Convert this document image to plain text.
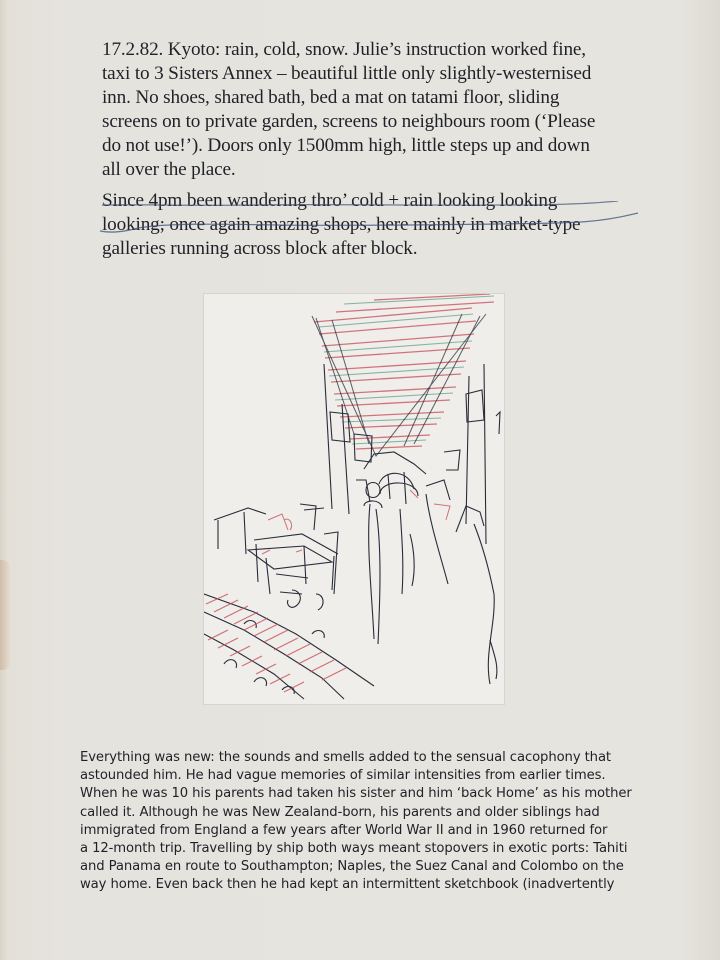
17.2.82. Kyoto: rain, cold, snow. Julie’s instruction worked fine,
taxi to 3 Sisters Annex – beautiful little only slightly-westernised
inn. No shoes, shared bath, bed a mat on tatami floor, sliding
screens on to private garden, screens to neighbours room (‘Please
do not use!’). Doors only 1500mm high, little steps up and down
all over the place.

Since 4pm been wandering thro’ cold + rain looking looking
looking; once again amazing shops, here mainly in market-type
galleries running across block after block.

Everything was new: the sounds and smells added to the sensual cacophony that
astounded him. He had vague memories of similar intensities from earlier times.
When he was 10 his parents had taken his sister and him ‘back Home’ as his mother
called it. Although he was New Zealand-born, his parents and older siblings had
immigrated from England a few years after World War II and in 1960 returned for
a 12-month trip. Travelling by ship both ways meant stopovers in exotic ports: Tahiti
and Panama en route to Southampton; Naples, the Suez Canal and Colombo on the
way home. Even back then he had kept an intermittent sketchbook (inadvertently
